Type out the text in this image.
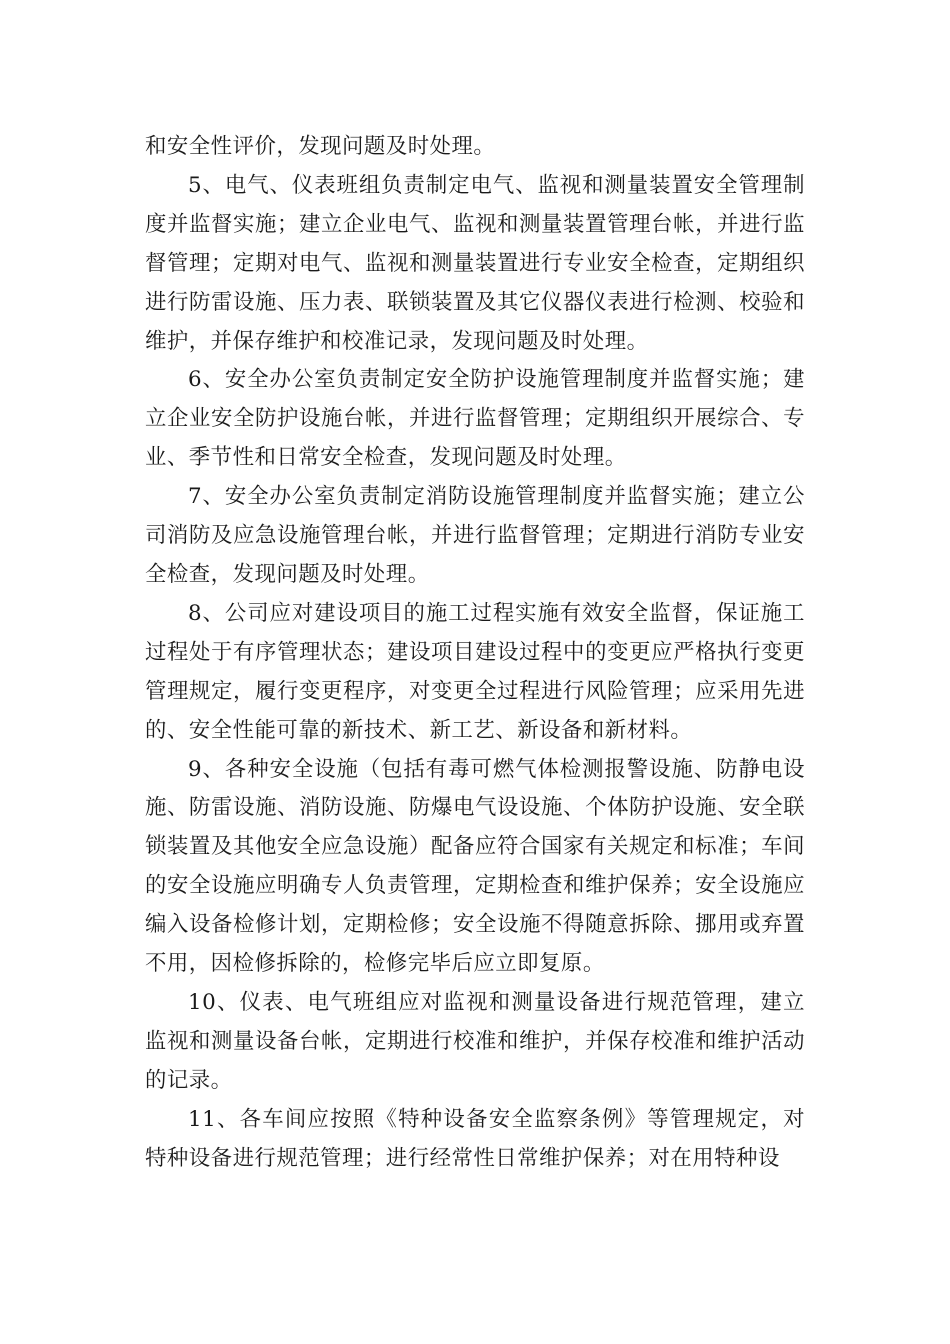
和安全性评价，发现问题及时处理。

5、电气、仪表班组负责制定电气、监视和测量装置安全管理制度并监督实施；建立企业电气、监视和测量装置管理台帐，并进行监督管理；定期对电气、监视和测量装置进行专业安全检查，定期组织进行防雷设施、压力表、联锁装置及其它仪器仪表进行检测、校验和维护，并保存维护和校准记录，发现问题及时处理。

6、安全办公室负责制定安全防护设施管理制度并监督实施；建立企业安全防护设施台帐，并进行监督管理；定期组织开展综合、专业、季节性和日常安全检查，发现问题及时处理。

7、安全办公室负责制定消防设施管理制度并监督实施；建立公司消防及应急设施管理台帐，并进行监督管理；定期进行消防专业安全检查，发现问题及时处理。

8、公司应对建设项目的施工过程实施有效安全监督，保证施工过程处于有序管理状态；建设项目建设过程中的变更应严格执行变更管理规定，履行变更程序，对变更全过程进行风险管理；应采用先进的、安全性能可靠的新技术、新工艺、新设备和新材料。

9、各种安全设施（包括有毒可燃气体检测报警设施、防静电设施、防雷设施、消防设施、防爆电气设设施、个体防护设施、安全联锁装置及其他安全应急设施）配备应符合国家有关规定和标准；车间的安全设施应明确专人负责管理，定期检查和维护保养；安全设施应编入设备检修计划，定期检修；安全设施不得随意拆除、挪用或弃置不用，因检修拆除的，检修完毕后应立即复原。

10、仪表、电气班组应对监视和测量设备进行规范管理，建立监视和测量设备台帐，定期进行校准和维护，并保存校准和维护活动的记录。

11、各车间应按照《特种设备安全监察条例》等管理规定，对特种设备进行规范管理；进行经常性日常维护保养；对在用特种设
